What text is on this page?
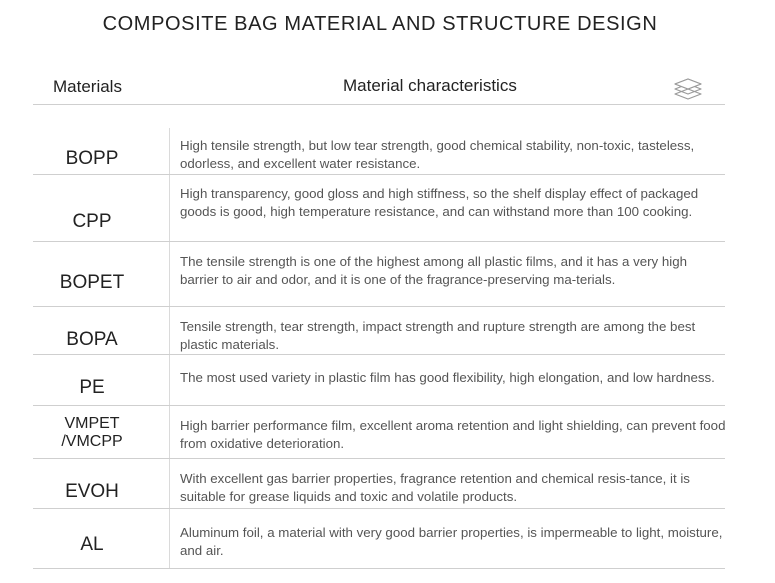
COMPOSITE BAG MATERIAL AND STRUCTURE DESIGN
Materials	Material characteristics
BOPP
High tensile strength, but low tear strength, good chemical stability, non-toxic, tasteless, odorless, and excellent water resistance.
CPP
High transparency, good gloss and high stiffness, so the shelf display effect of packaged goods is good, high temperature resistance, and can withstand more than 100 cooking.
BOPET
The tensile strength is one of the highest among all plastic films, and it has a very high barrier to air and odor, and it is one of the fragrance-preserving ma-terials.
BOPA
Tensile strength, tear strength, impact strength and rupture strength are among the best plastic materials.
PE	The most used variety in plastic film has good flexibility, high elongation, and low hardness.
VMPET
/VMCPP
High barrier performance film, excellent aroma retention and light shielding, can prevent food from oxidative deterioration.
EVOH
With excellent gas barrier properties, fragrance retention and chemical resis-tance, it is suitable for grease liquids and toxic and volatile products.
AL
Aluminum foil, a material with very good barrier properties, is impermeable to light, moisture, and air.
